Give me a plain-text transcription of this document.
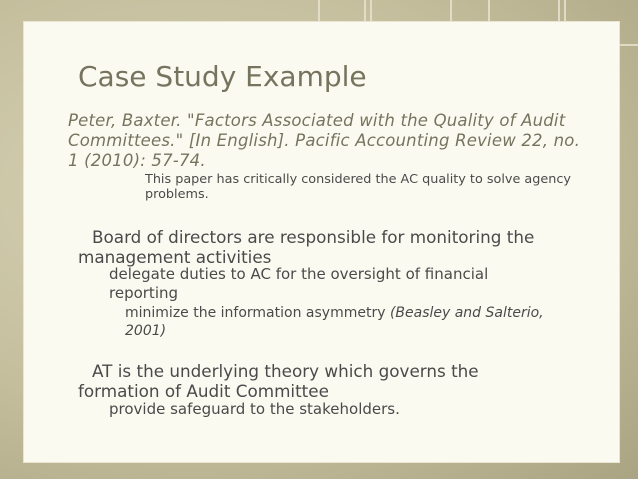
Case Study Example
Peter, Baxter. "Factors Associated with the Quality of Audit Committees." [In English]. Pacific Accounting Review 22, no. 1 (2010): 57-74.
This paper has critically considered the AC quality to solve agency problems.
Board of directors are responsible for monitoring the management activities
delegate duties to AC for the oversight of financial reporting
minimize the information asymmetry (Beasley and Salterio, 2001)
AT is the underlying theory which governs the formation of Audit Committee
provide safeguard to the stakeholders.
